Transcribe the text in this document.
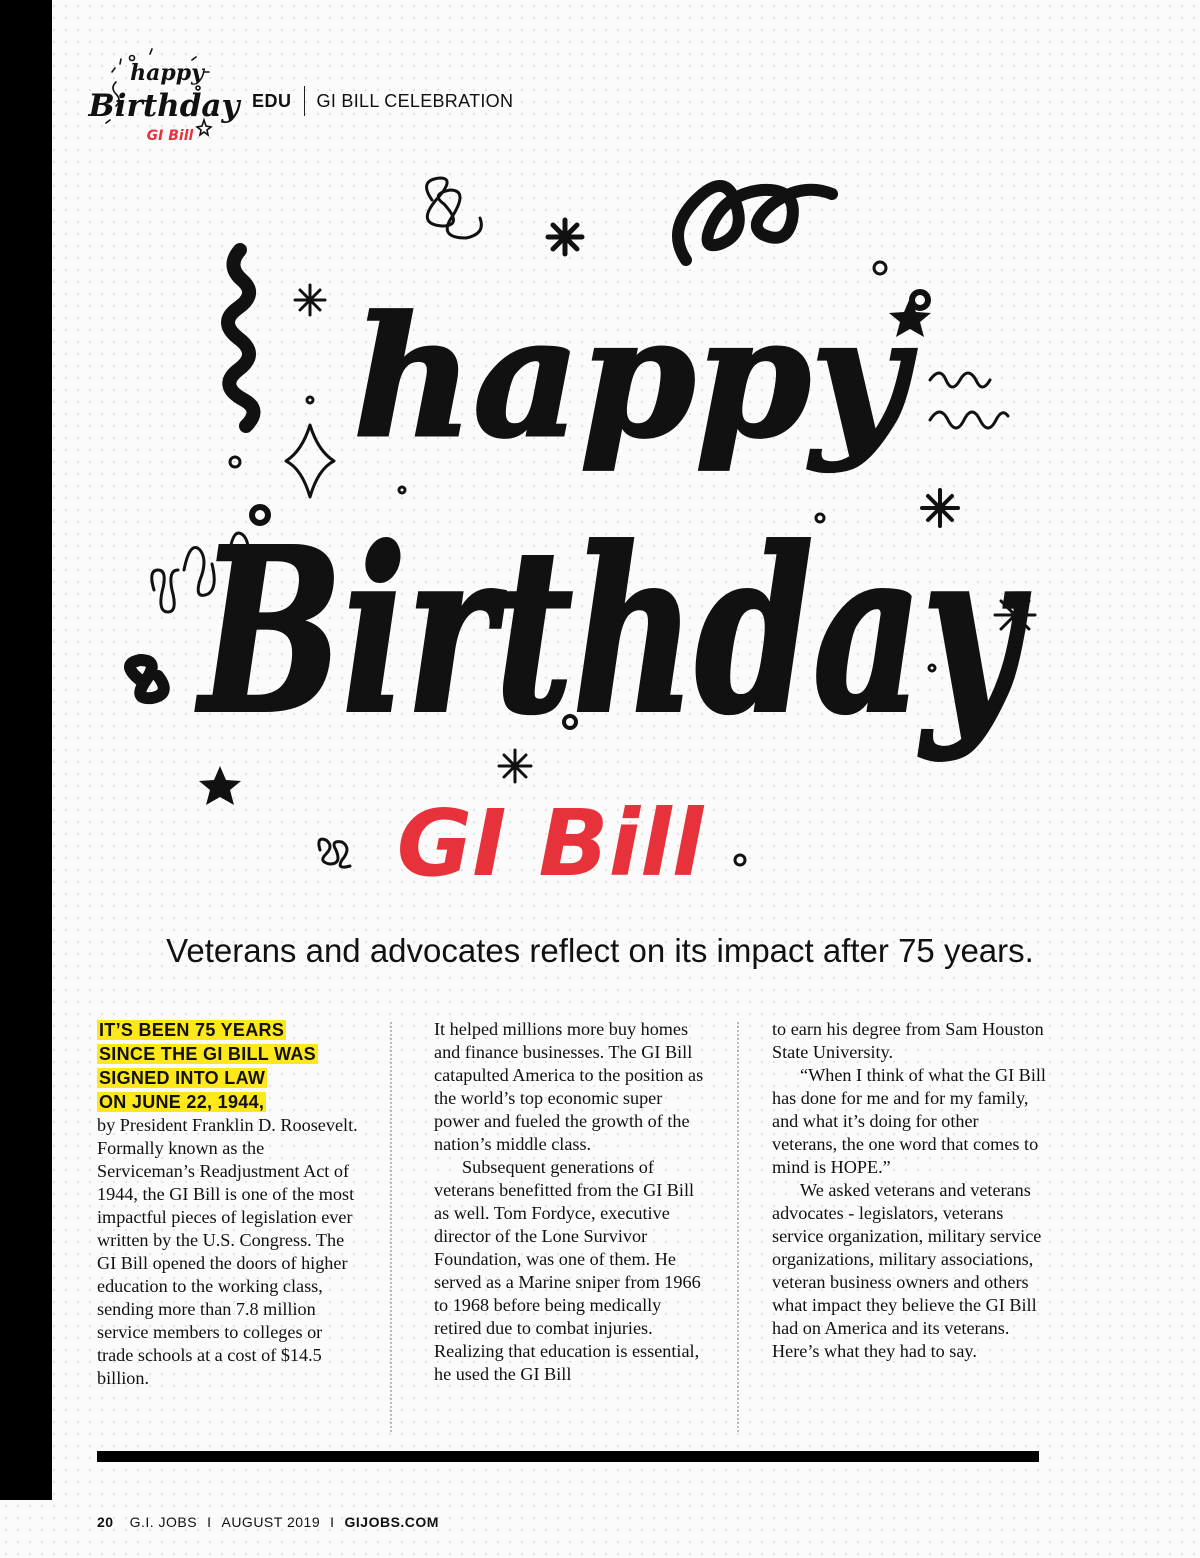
happy
Birthday
GI Bill
EDU GI BILL CELEBRATION
happy
Birthday
GI Bill
Veterans and advocates reflect on its impact after 75 years.
IT’S BEEN 75 YEARS
SINCE THE GI BILL WAS
SIGNED INTO LAW
ON JUNE 22, 1944,

by President Franklin D. Roosevelt. Formally known as the Serviceman’s Readjustment Act of 1944, the GI Bill is one of the most impactful pieces of legislation ever written by the U.S. Congress. The GI Bill opened the doors of higher education to the working class, sending more than 7.8 million service members to colleges or trade schools at a cost of $14.5 billion.

It helped millions more buy homes and finance businesses. The GI Bill catapulted America to the position as the world’s top economic super power and fueled the growth of the nation’s middle class.

Subsequent generations of veterans benefitted from the GI Bill as well. Tom Fordyce, executive director of the Lone Survivor Foundation, was one of them. He served as a Marine sniper from 1966 to 1968 before being medically retired due to combat injuries. Realizing that education is essential, he used the GI Bill

to earn his degree from Sam Houston State University.

“When I think of what the GI Bill has done for me and for my family, and what it’s doing for other veterans, the one word that comes to mind is HOPE.”

We asked veterans and veterans advocates - legislators, veterans service organization, military service organizations, military associations, veteran business owners and others what impact they believe the GI Bill had on America and its veterans. Here’s what they had to say.

20 G.I. JOBS I AUGUST 2019 I GIJOBS.COM
